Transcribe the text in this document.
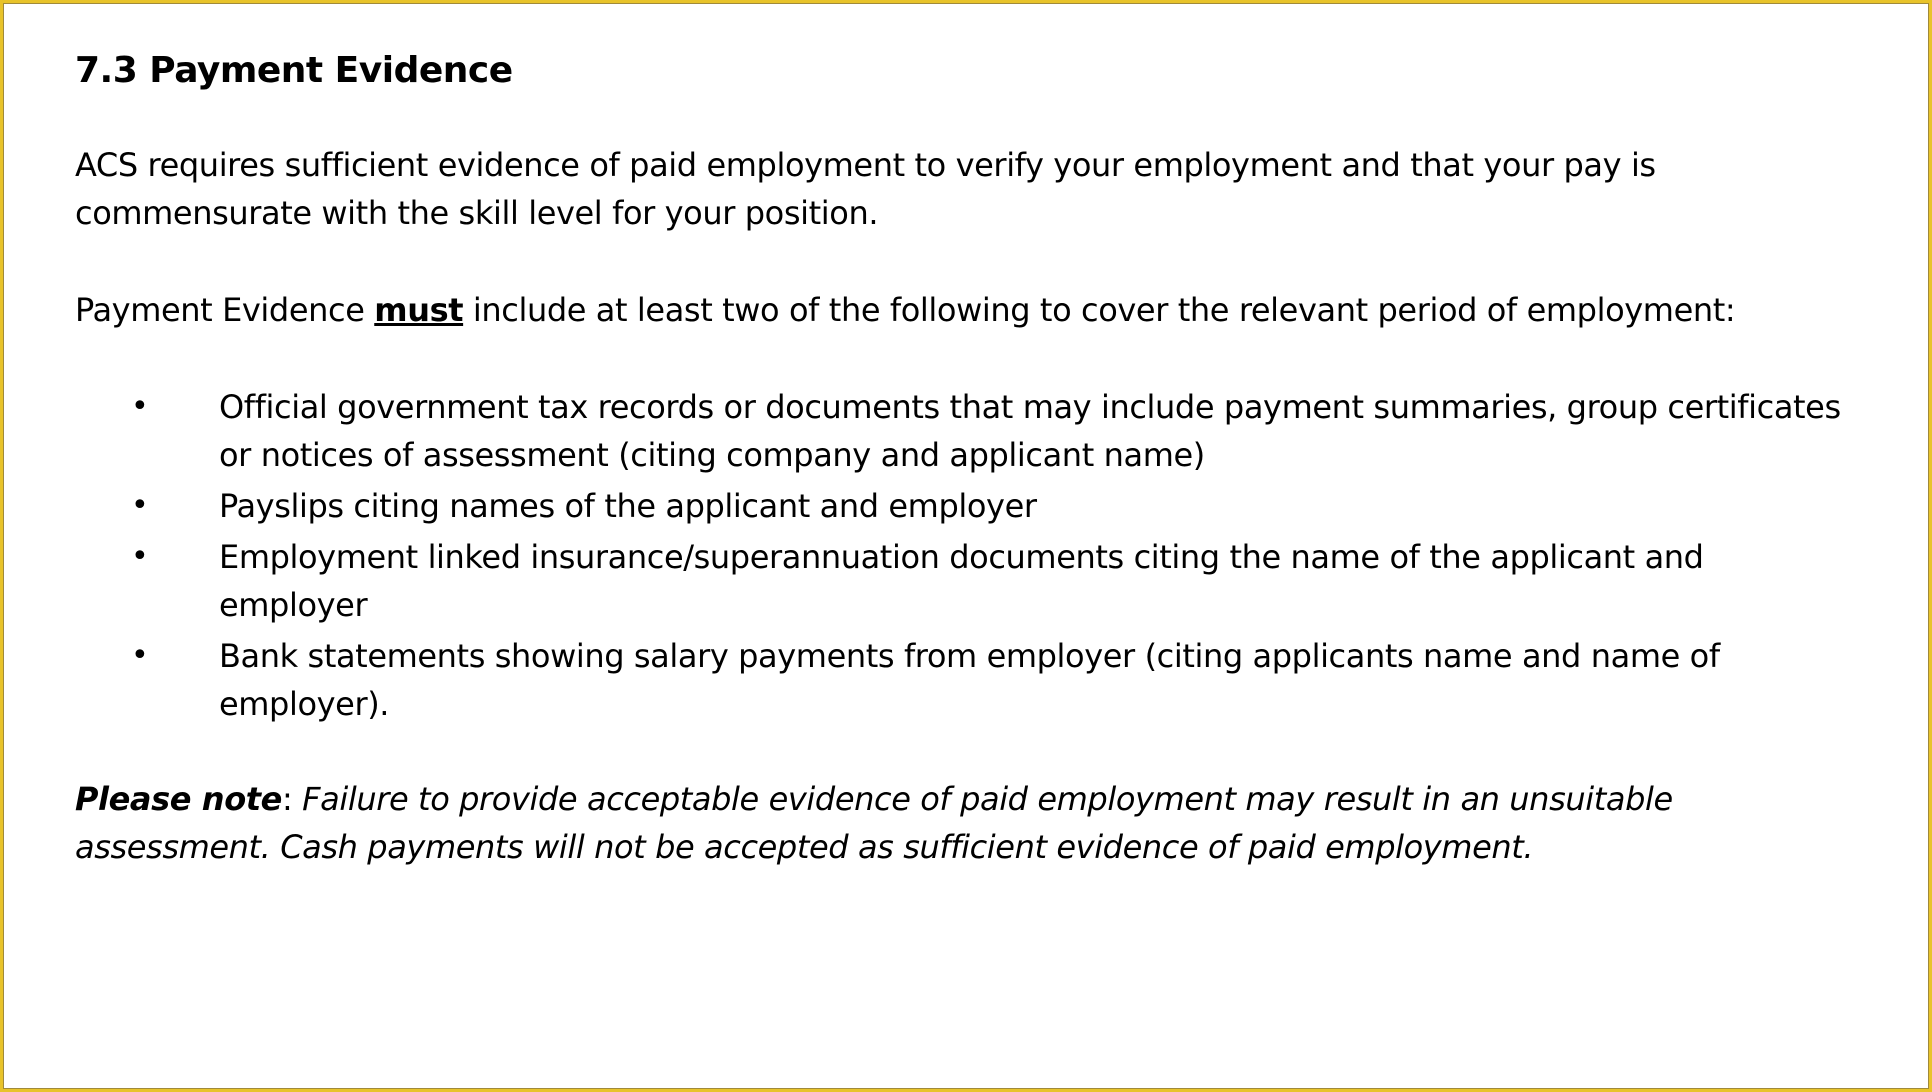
7.3 Payment Evidence

ACS requires sufficient evidence of paid employment to verify your employment and that your pay is commensurate with the skill level for your position.

Payment Evidence must include at least two of the following to cover the relevant period of employment:

• Official government tax records or documents that may include payment summaries, group certificates or notices of assessment (citing company and applicant name)
• Payslips citing names of the applicant and employer
• Employment linked insurance/superannuation documents citing the name of the applicant and employer
• Bank statements showing salary payments from employer (citing applicants name and name of employer).

Please note: Failure to provide acceptable evidence of paid employment may result in an unsuitable assessment. Cash payments will not be accepted as sufficient evidence of paid employment.
